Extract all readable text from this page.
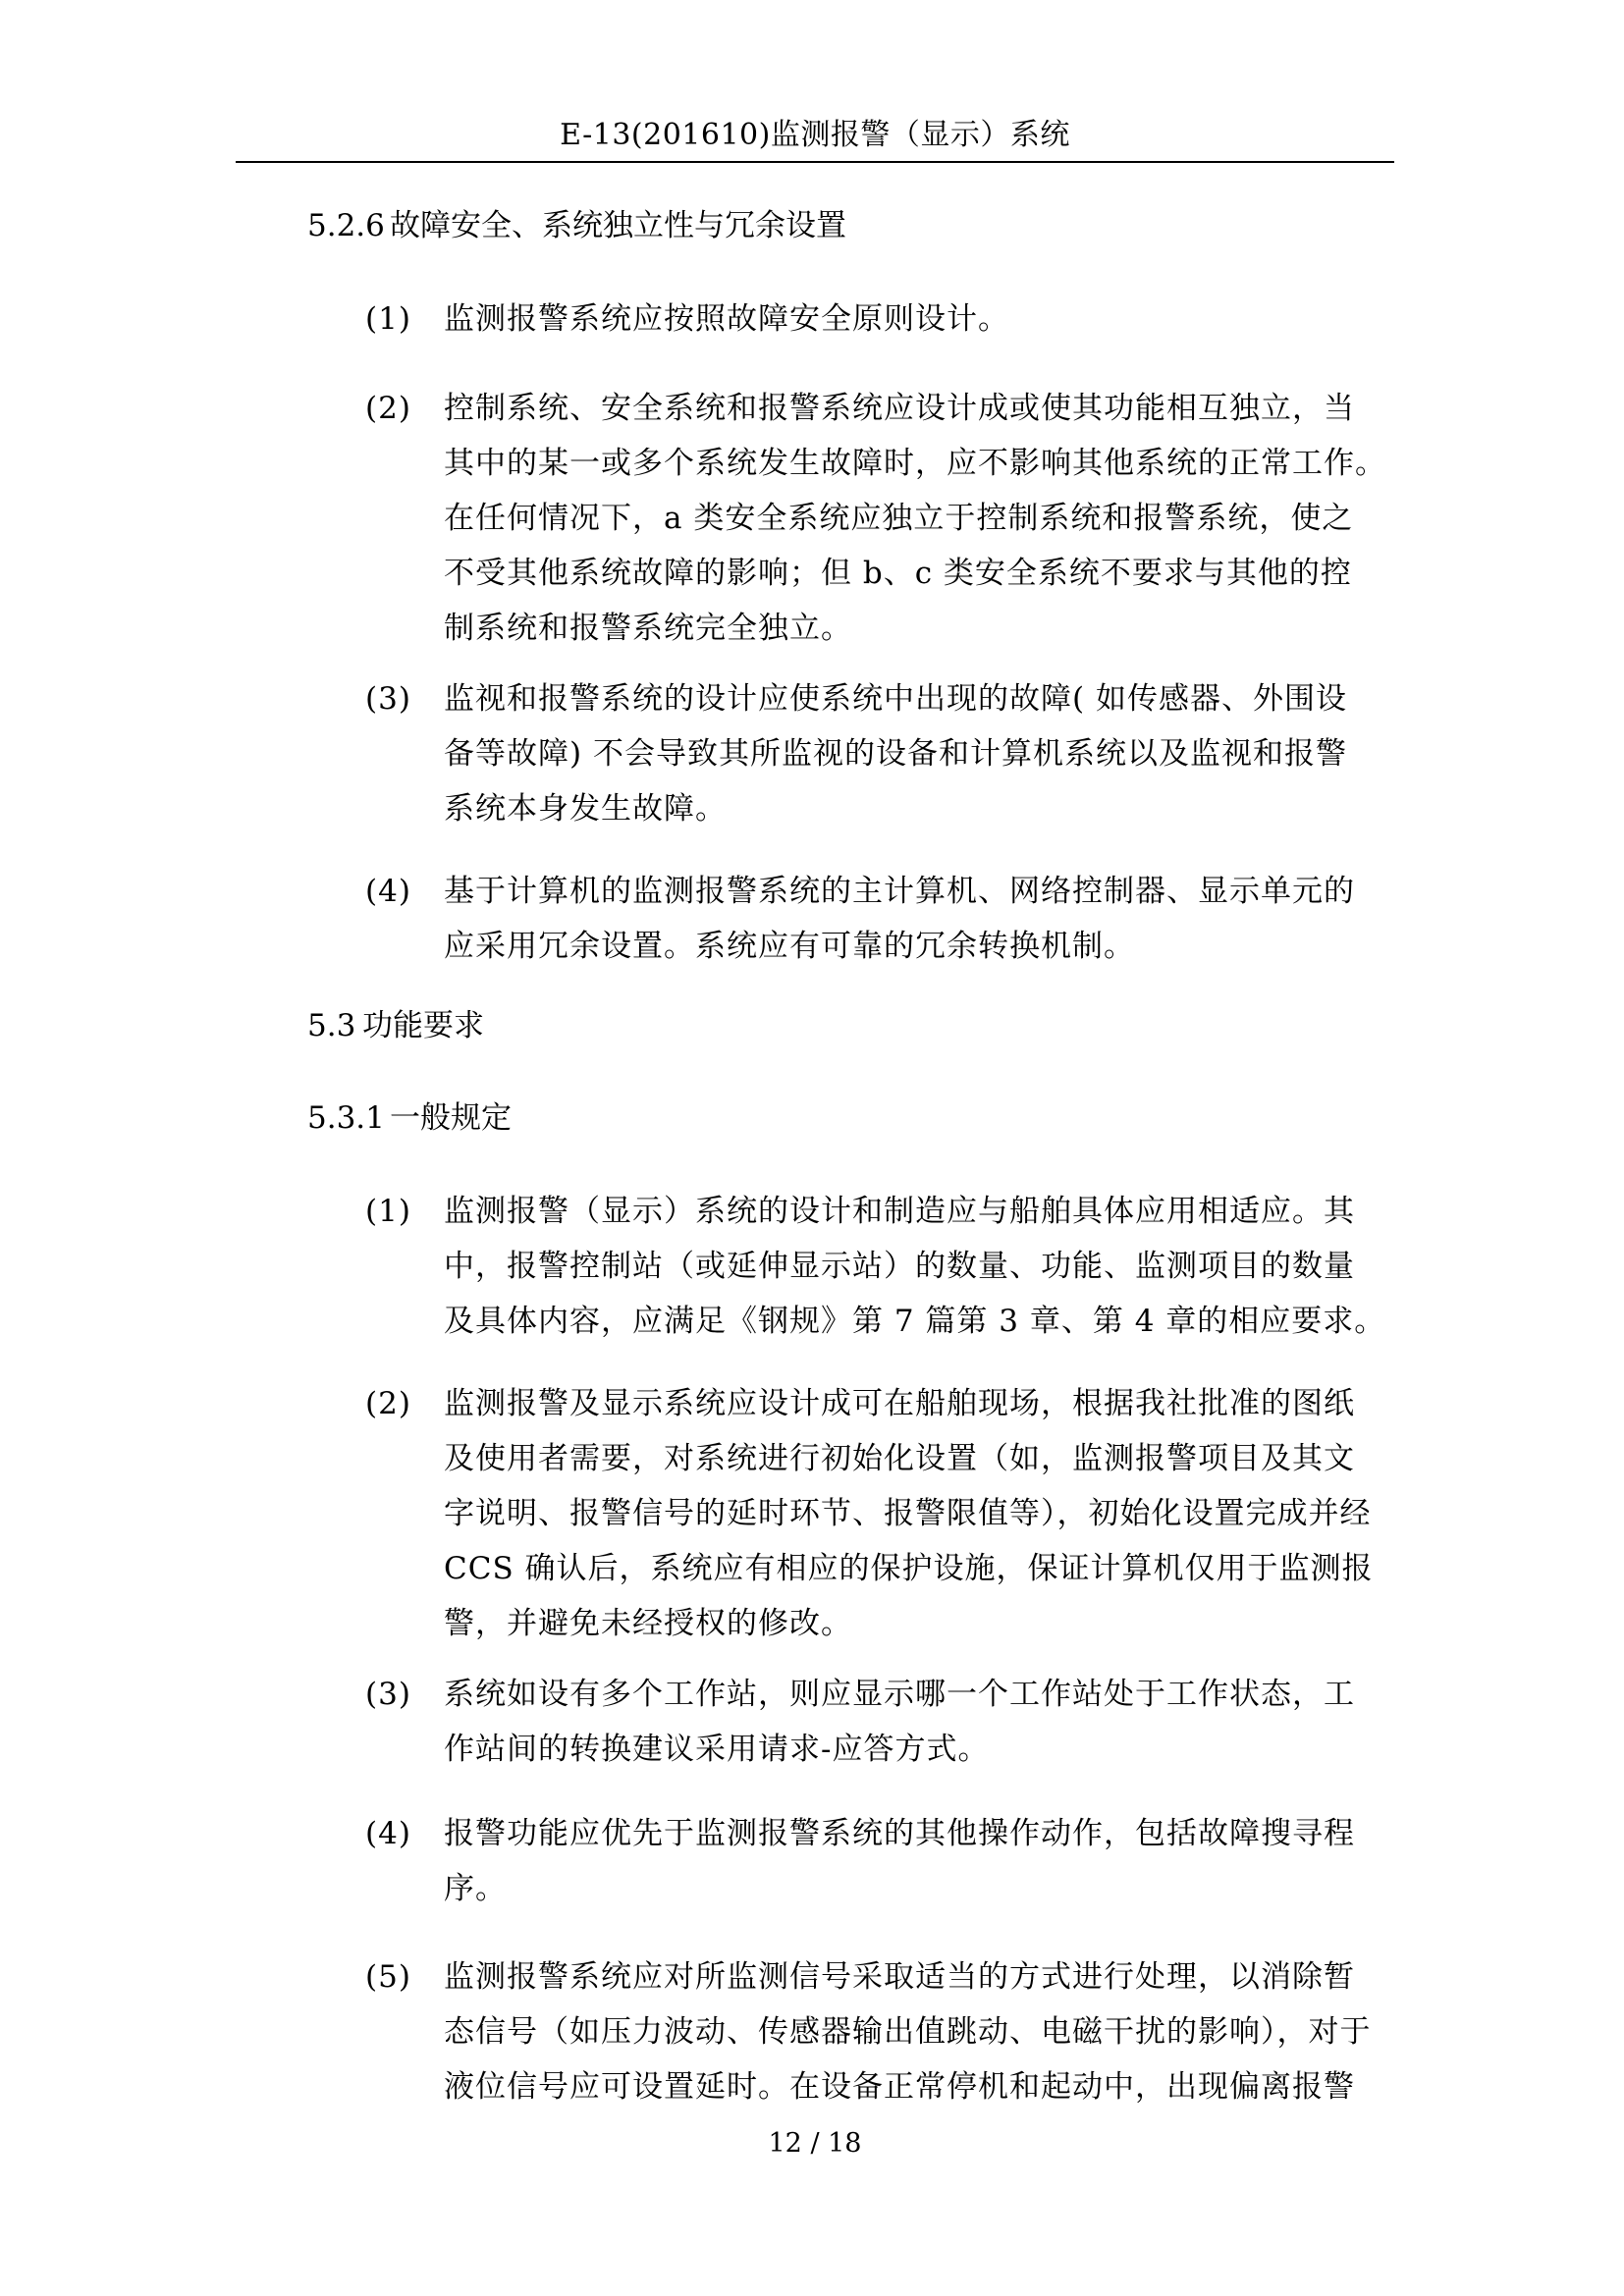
E-13(201610)监测报警（显示）系统
5.2.6 故障安全、系统独立性与冗余设置
(1)	监测报警系统应按照故障安全原则设计。
(2)	控制系统、安全系统和报警系统应设计成或使其功能相互独立，当
其中的某一或多个系统发生故障时，应不影响其他系统的正常工作。
在任何情况下，a 类安全系统应独立于控制系统和报警系统，使之
不受其他系统故障的影响；但 b、c 类安全系统不要求与其他的控
制系统和报警系统完全独立。
(3)	监视和报警系统的设计应使系统中出现的故障( 如传感器、外围设
备等故障) 不会导致其所监视的设备和计算机系统以及监视和报警
系统本身发生故障。
(4)	基于计算机的监测报警系统的主计算机、网络控制器、显示单元的
应采用冗余设置。系统应有可靠的冗余转换机制。
5.3 功能要求
5.3.1 一般规定
(1)	监测报警（显示）系统的设计和制造应与船舶具体应用相适应。其
中，报警控制站（或延伸显示站）的数量、功能、监测项目的数量
及具体内容，应满足《钢规》第 7 篇第 3 章、第 4 章的相应要求。
(2)	监测报警及显示系统应设计成可在船舶现场，根据我社批准的图纸
及使用者需要，对系统进行初始化设置（如，监测报警项目及其文
字说明、报警信号的延时环节、报警限值等），初始化设置完成并经
CCS 确认后，系统应有相应的保护设施，保证计算机仅用于监测报
警，并避免未经授权的修改。
(3)	系统如设有多个工作站，则应显示哪一个工作站处于工作状态，工
作站间的转换建议采用请求-应答方式。
(4)	报警功能应优先于监测报警系统的其他操作动作，包括故障搜寻程
序。
(5)	监测报警系统应对所监测信号采取适当的方式进行处理，以消除暂
态信号（如压力波动、传感器输出值跳动、电磁干扰的影响），对于
液位信号应可设置延时。在设备正常停机和起动中，出现偏离报警
12 / 18
